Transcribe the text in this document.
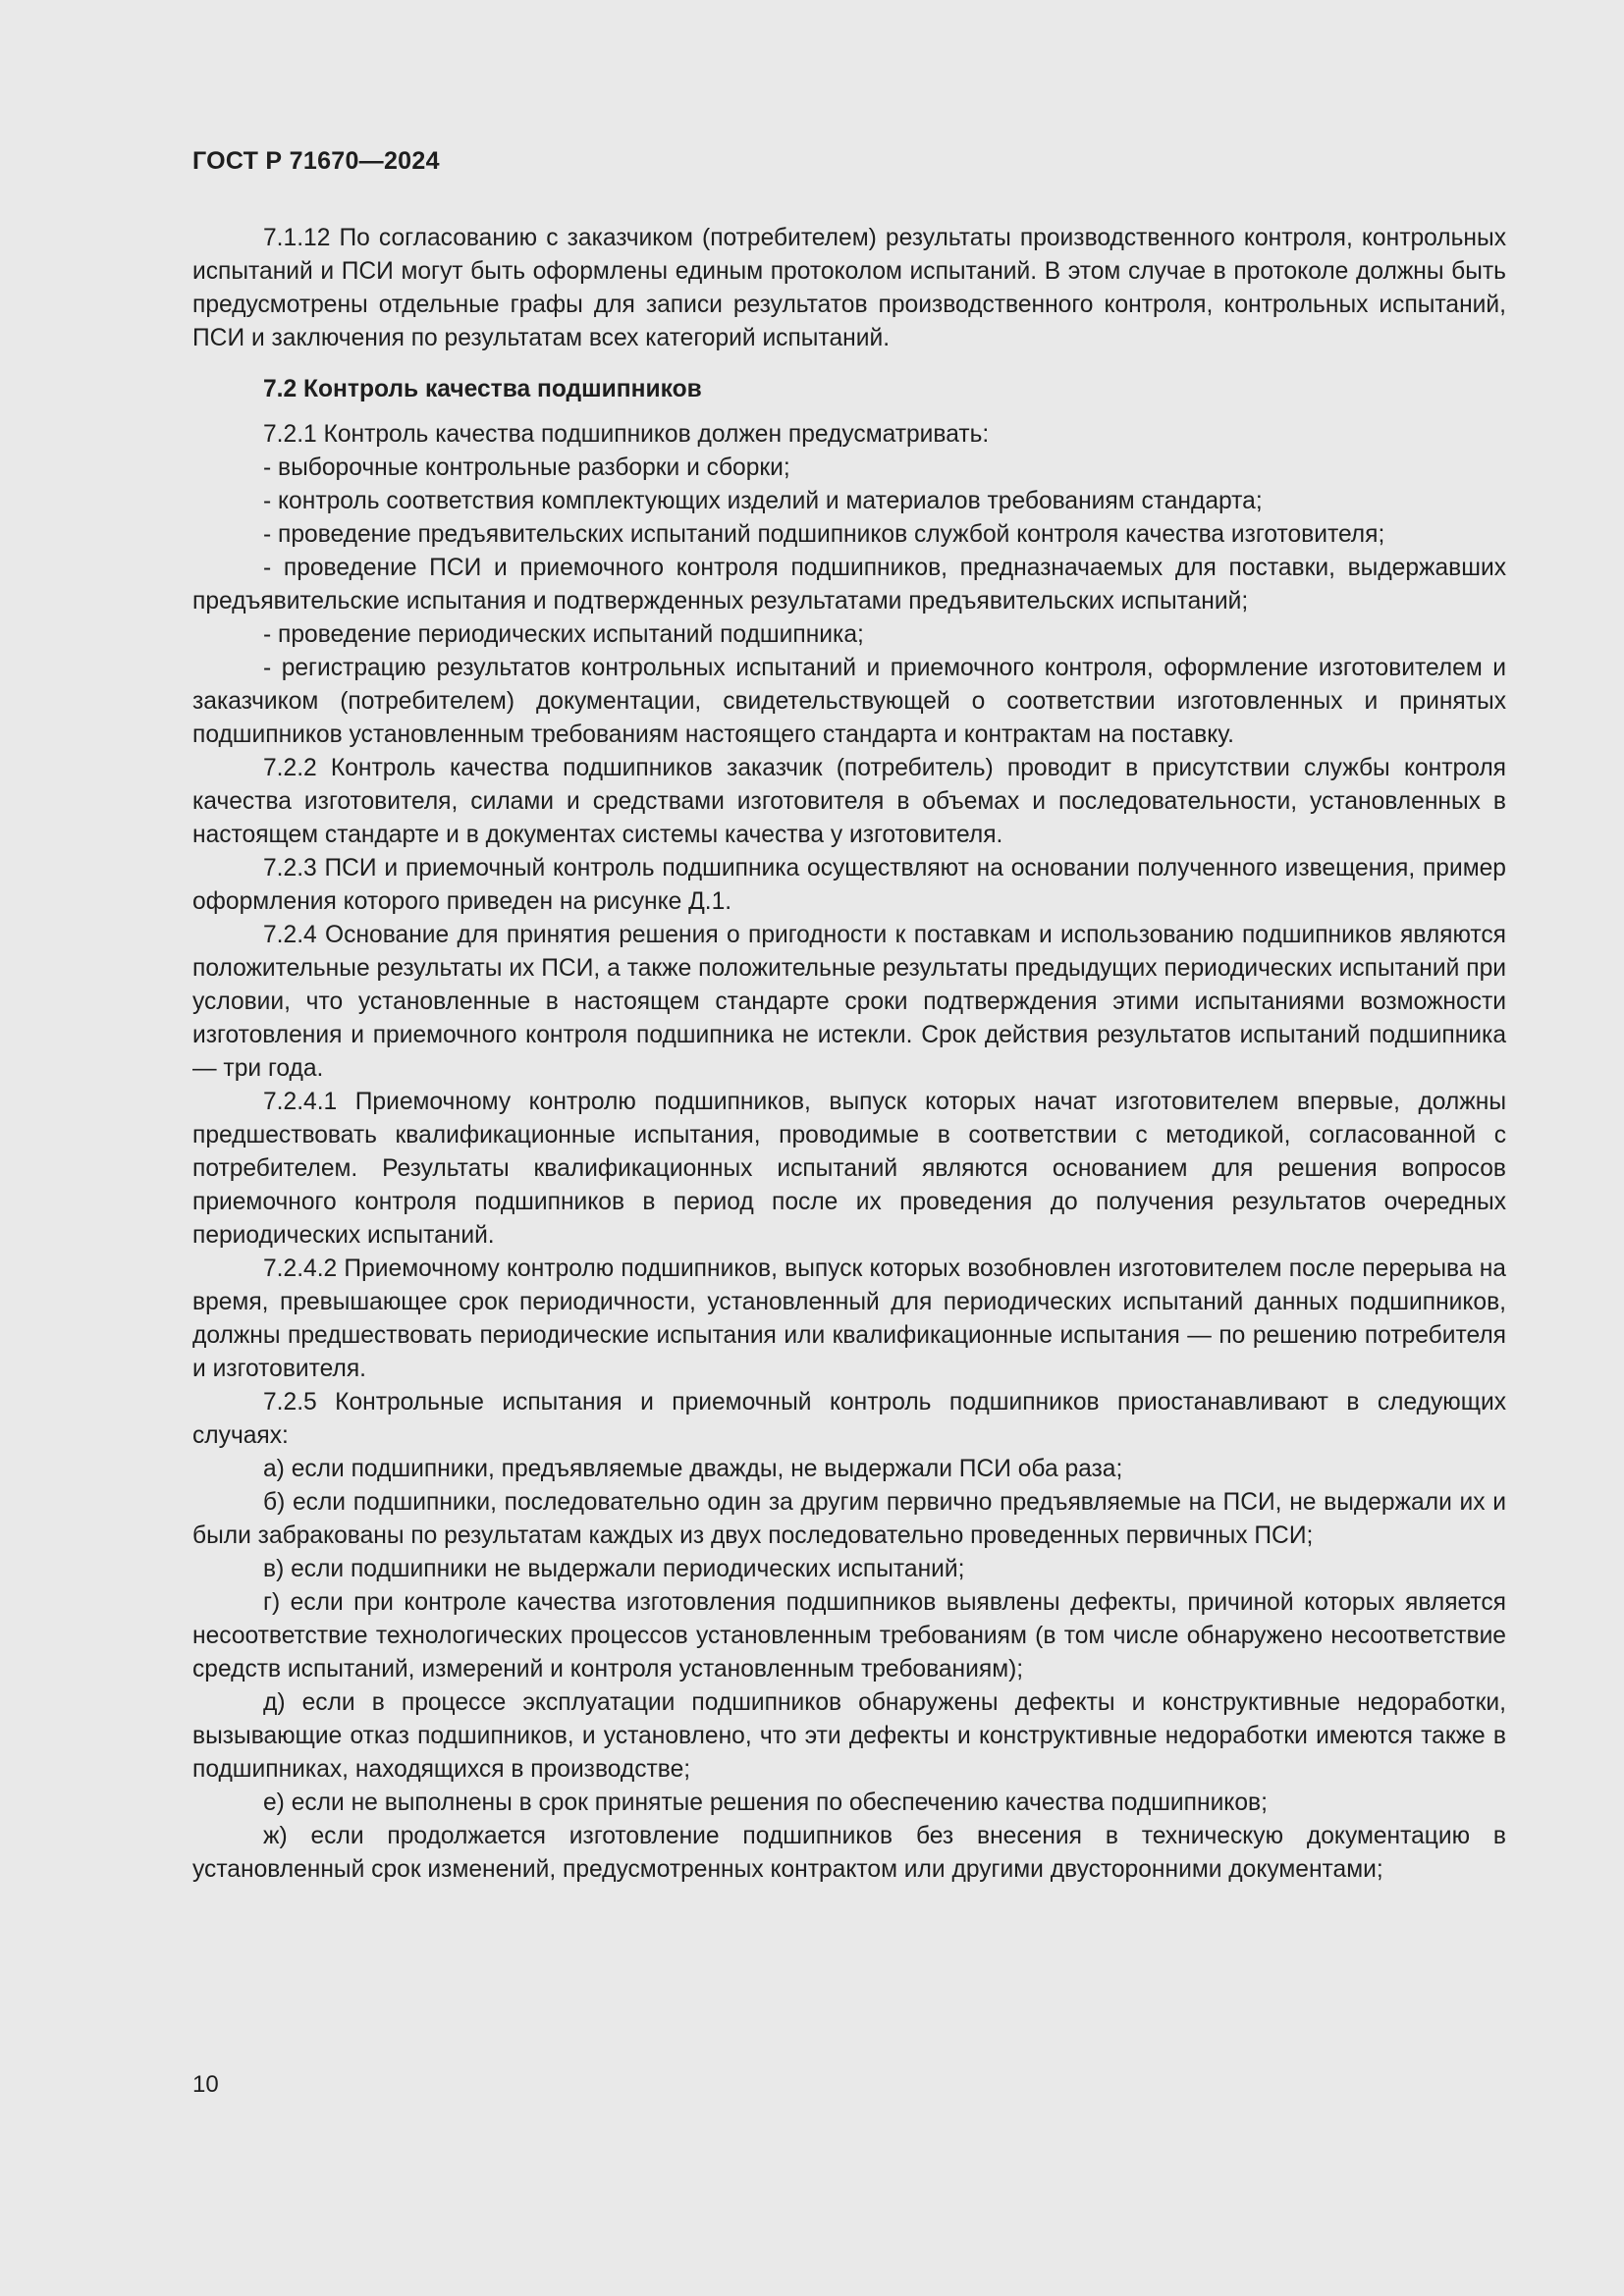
ГОСТ Р 71670—2024

7.1.12 По согласованию с заказчиком (потребителем) результаты производственного контроля, контрольных испытаний и ПСИ могут быть оформлены единым протоколом испытаний. В этом случае в протоколе должны быть предусмотрены отдельные графы для записи результатов производственного контроля, контрольных испытаний, ПСИ и заключения по результатам всех категорий испытаний.

7.2 Контроль качества подшипников

7.2.1 Контроль качества подшипников должен предусматривать:

- выборочные контрольные разборки и сборки;

- контроль соответствия комплектующих изделий и материалов требованиям стандарта;

- проведение предъявительских испытаний подшипников службой контроля качества изготовителя;

- проведение ПСИ и приемочного контроля подшипников, предназначаемых для поставки, выдержавших предъявительские испытания и подтвержденных результатами предъявительских испытаний;

- проведение периодических испытаний подшипника;

- регистрацию результатов контрольных испытаний и приемочного контроля, оформление изготовителем и заказчиком (потребителем) документации, свидетельствующей о соответствии изготовленных и принятых подшипников установленным требованиям настоящего стандарта и контрактам на поставку.

7.2.2 Контроль качества подшипников заказчик (потребитель) проводит в присутствии службы контроля качества изготовителя, силами и средствами изготовителя в объемах и последовательности, установленных в настоящем стандарте и в документах системы качества у изготовителя.

7.2.3 ПСИ и приемочный контроль подшипника осуществляют на основании полученного извещения, пример оформления которого приведен на рисунке Д.1.

7.2.4 Основание для принятия решения о пригодности к поставкам и использованию подшипников являются положительные результаты их ПСИ, а также положительные результаты предыдущих периодических испытаний при условии, что установленные в настоящем стандарте сроки подтверждения этими испытаниями возможности изготовления и приемочного контроля подшипника не истекли. Срок действия результатов испытаний подшипника — три года.

7.2.4.1 Приемочному контролю подшипников, выпуск которых начат изготовителем впервые, должны предшествовать квалификационные испытания, проводимые в соответствии с методикой, согласованной с потребителем. Результаты квалификационных испытаний являются основанием для решения вопросов приемочного контроля подшипников в период после их проведения до получения результатов очередных периодических испытаний.

7.2.4.2 Приемочному контролю подшипников, выпуск которых возобновлен изготовителем после перерыва на время, превышающее срок периодичности, установленный для периодических испытаний данных подшипников, должны предшествовать периодические испытания или квалификационные испытания — по решению потребителя и изготовителя.

7.2.5 Контрольные испытания и приемочный контроль подшипников приостанавливают в следующих случаях:

а) если подшипники, предъявляемые дважды, не выдержали ПСИ оба раза;

б) если подшипники, последовательно один за другим первично предъявляемые на ПСИ, не выдержали их и были забракованы по результатам каждых из двух последовательно проведенных первичных ПСИ;

в) если подшипники не выдержали периодических испытаний;

г) если при контроле качества изготовления подшипников выявлены дефекты, причиной которых является несоответствие технологических процессов установленным требованиям (в том числе обнаружено несоответствие средств испытаний, измерений и контроля установленным требованиям);

д) если в процессе эксплуатации подшипников обнаружены дефекты и конструктивные недоработки, вызывающие отказ подшипников, и установлено, что эти дефекты и конструктивные недоработки имеются также в подшипниках, находящихся в производстве;

е) если не выполнены в срок принятые решения по обеспечению качества подшипников;

ж) если продолжается изготовление подшипников без внесения в техническую документацию в установленный срок изменений, предусмотренных контрактом или другими двусторонними документами;

10
